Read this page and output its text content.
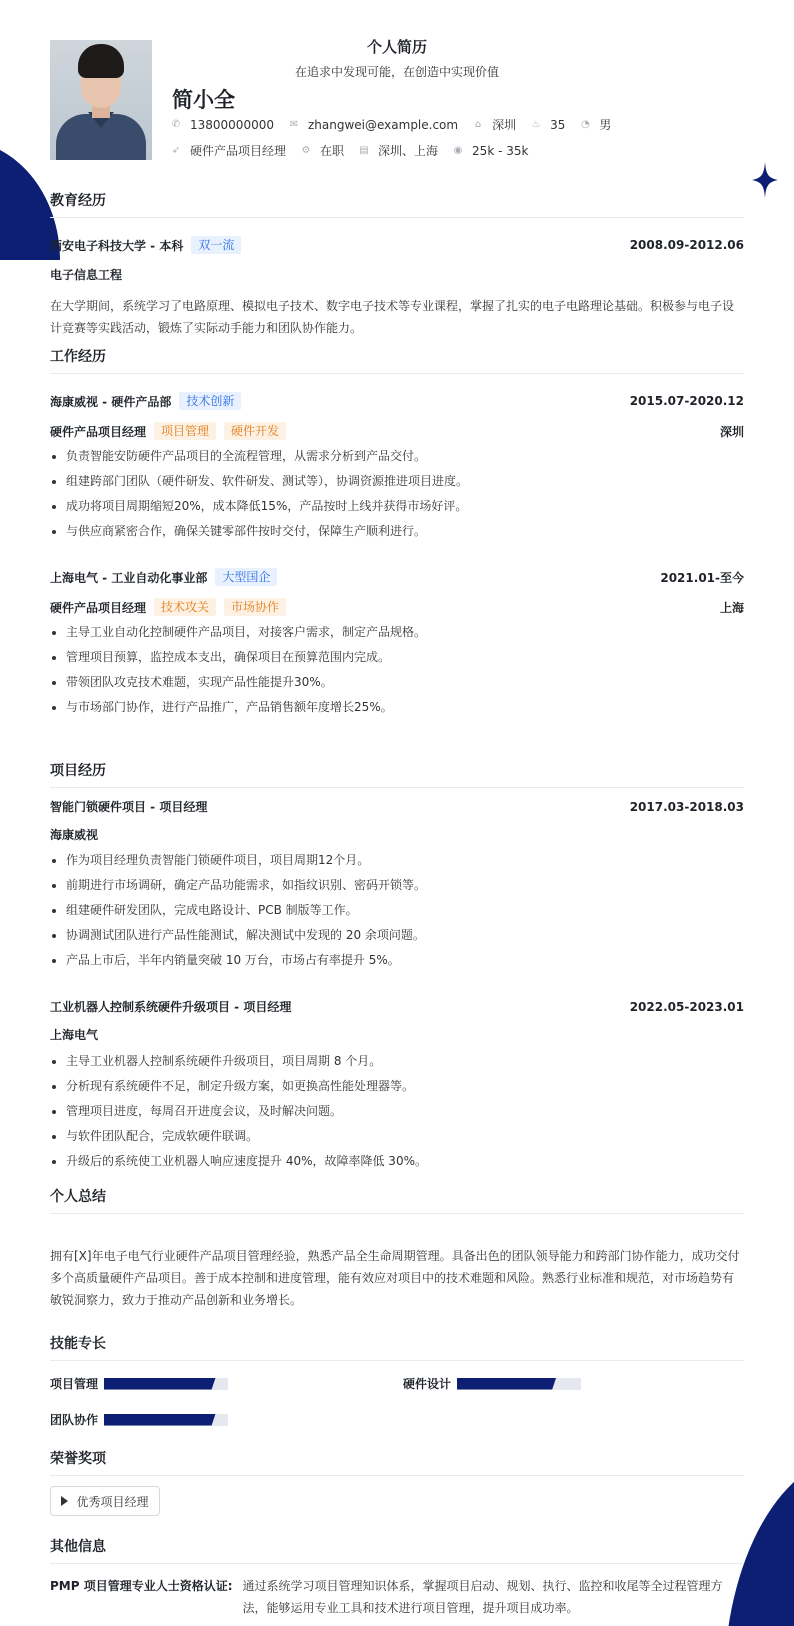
个人简历
在追求中发现可能，在创造中实现价值
简小全
✆ 13800000000 ✉ zhangwei@example.com ⌂ 深圳 ♨ 35 ◔ 男
➶ 硬件产品项目经理 ⚙ 在职 ▤ 深圳、上海 ◉ 25k - 35k
教育经历
西安电子科技大学 - 本科	双一流	2008.09-2012.06
电子信息工程
在大学期间，系统学习了电路原理、模拟电子技术、数字电子技术等专业课程，掌握了扎实的电子电路理论基础。积极参与电子设计竞赛等实践活动，锻炼了实际动手能力和团队协作能力。
工作经历
海康威视 - 硬件产品部	技术创新	2015.07-2020.12
硬件产品项目经理	项目管理	硬件开发	深圳
负责智能安防硬件产品项目的全流程管理，从需求分析到产品交付。
组建跨部门团队（硬件研发、软件研发、测试等），协调资源推进项目进度。
成功将项目周期缩短20%，成本降低15%，产品按时上线并获得市场好评。
与供应商紧密合作，确保关键零部件按时交付，保障生产顺利进行。
上海电气 - 工业自动化事业部	大型国企	2021.01-至今
硬件产品项目经理	技术攻关	市场协作	上海
主导工业自动化控制硬件产品项目，对接客户需求，制定产品规格。
管理项目预算，监控成本支出，确保项目在预算范围内完成。
带领团队攻克技术难题，实现产品性能提升30%。
与市场部门协作，进行产品推广，产品销售额年度增长25%。
项目经历
智能门锁硬件项目 - 项目经理	2017.03-2018.03
海康威视
作为项目经理负责智能门锁硬件项目，项目周期12个月。
前期进行市场调研，确定产品功能需求，如指纹识别、密码开锁等。
组建硬件研发团队，完成电路设计、PCB 制版等工作。
协调测试团队进行产品性能测试，解决测试中发现的 20 余项问题。
产品上市后，半年内销量突破 10 万台，市场占有率提升 5%。
工业机器人控制系统硬件升级项目 - 项目经理	2022.05-2023.01
上海电气
主导工业机器人控制系统硬件升级项目，项目周期 8 个月。
分析现有系统硬件不足，制定升级方案，如更换高性能处理器等。
管理项目进度，每周召开进度会议，及时解决问题。
与软件团队配合，完成软硬件联调。
升级后的系统使工业机器人响应速度提升 40%，故障率降低 30%。
个人总结
拥有[X]年电子电气行业硬件产品项目管理经验，熟悉产品全生命周期管理。具备出色的团队领导能力和跨部门协作能力，成功交付多个高质量硬件产品项目。善于成本控制和进度管理，能有效应对项目中的技术难题和风险。熟悉行业标准和规范，对市场趋势有敏锐洞察力，致力于推动产品创新和业务增长。
技能专长
项目管理	硬件设计
团队协作
荣誉奖项
优秀项目经理
其他信息
PMP 项目管理专业人士资格认证: 通过系统学习项目管理知识体系，掌握项目启动、规划、执行、监控和收尾等全过程管理方法，能够运用专业工具和技术进行项目管理，提升项目成功率。
